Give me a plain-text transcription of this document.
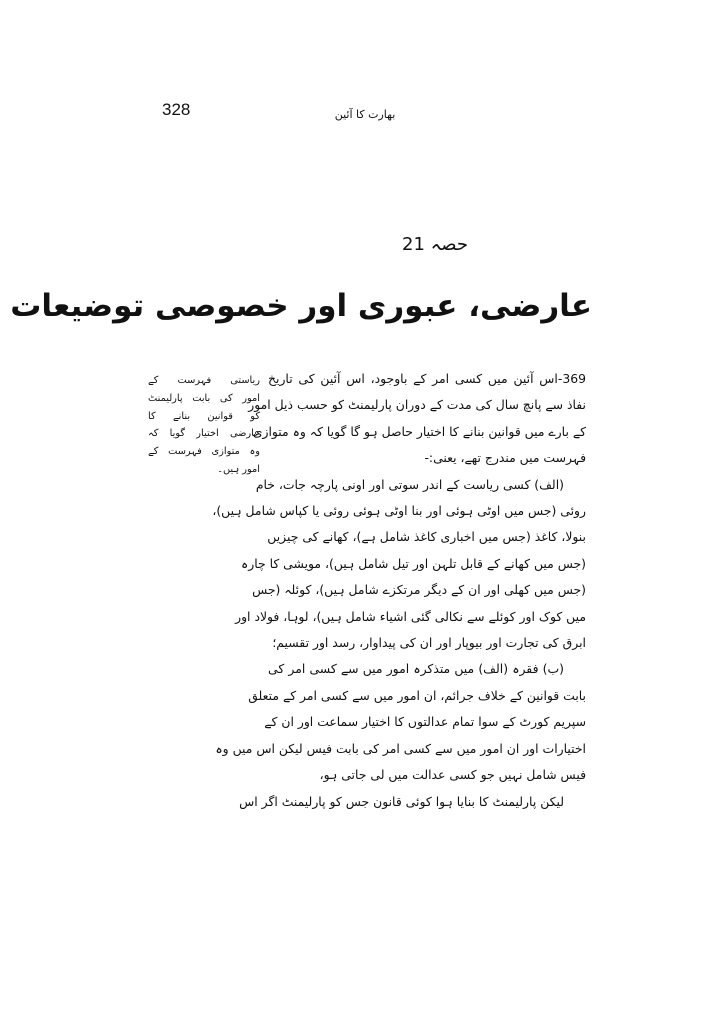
328	بھارت کا آئین
حصہ 21
عارضی، عبوری اور خصوصی توضیعات
ریاستی فہرست کے
امور کی بابت پارلیمنٹ
کو قوانین بنانے کا
عارضی اختیار گویا کہ
وہ متوازی فہرست کے
امور ہیں۔
369-اس آئین میں کسی امر کے باوجود، اس آئین کی تاریخ
نفاذ سے پانچ سال کی مدت کے دوران پارلیمنٹ کو حسب ذیل امور
کے بارے میں قوانین بنانے کا اختیار حاصل ہو گا گویا کہ وہ متوازی
فہرست میں مندرج تھے، یعنی:-
(الف) کسی ریاست کے اندر سوتی اور اونی پارچہ جات، خام
روئی (جس میں اوٹی ہوئی اور بنا اوٹی ہوئی روئی یا کپاس شامل ہیں)،
بنولا، کاغذ (جس میں اخباری کاغذ شامل ہے)، کھانے کی چیزیں
(جس میں کھانے کے قابل تلہن اور تیل شامل ہیں)، مویشی کا چارہ
(جس میں کھلی اور ان کے دیگر مرتکزے شامل ہیں)، کوئلہ (جس
میں کوک اور کوئلے سے نکالی گئی اشیاء شامل ہیں)، لوہا، فولاد اور
ابرق کی تجارت اور بیوپار اور ان کی پیداوار، رسد اور تقسیم؛
(ب) فقرہ (الف) میں متذکرہ امور میں سے کسی امر کی
بابت قوانین کے خلاف جرائم، ان امور میں سے کسی امر کے متعلق
سپریم کورٹ کے سوا تمام عدالتوں کا اختیار سماعت اور ان کے
اختیارات اور ان امور میں سے کسی امر کی بابت فیس لیکن اس میں وہ
فیس شامل نہیں جو کسی عدالت میں لی جاتی ہو،
لیکن پارلیمنٹ کا بنایا ہوا کوئی قانون جس کو پارلیمنٹ اگر اس
